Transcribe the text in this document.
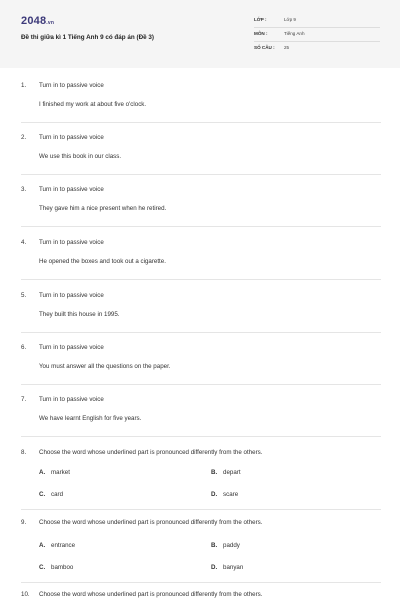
2048.vn
Đề thi giữa kì 1 Tiếng Anh 9 có đáp án (Đề 3)
LỚP :	Lớp 9
MÔN :	Tiếng Anh
SỐ CÂU : 25
1. Turn in to passive voice
I finished my work at about five o'clock.
2. Turn in to passive voice
We use this book in our class.
3. Turn in to passive voice
They gave him a nice present when he retired.
4. Turn in to passive voice
He opened the boxes and took out a cigarette.
5. Turn in to passive voice
They built this house in 1995.
6. Turn in to passive voice
You must answer all the questions on the paper.
7. Turn in to passive voice
We have learnt English for five years.
8. Choose the word whose underlined part is pronounced differently from the others.
A. market	B. depart
C. card	D. scare
9. Choose the word whose underlined part is pronounced differently from the others.
A. entrance	B. paddy
C. bamboo	D. banyan
10. Choose the word whose underlined part is pronounced differently from the others.
